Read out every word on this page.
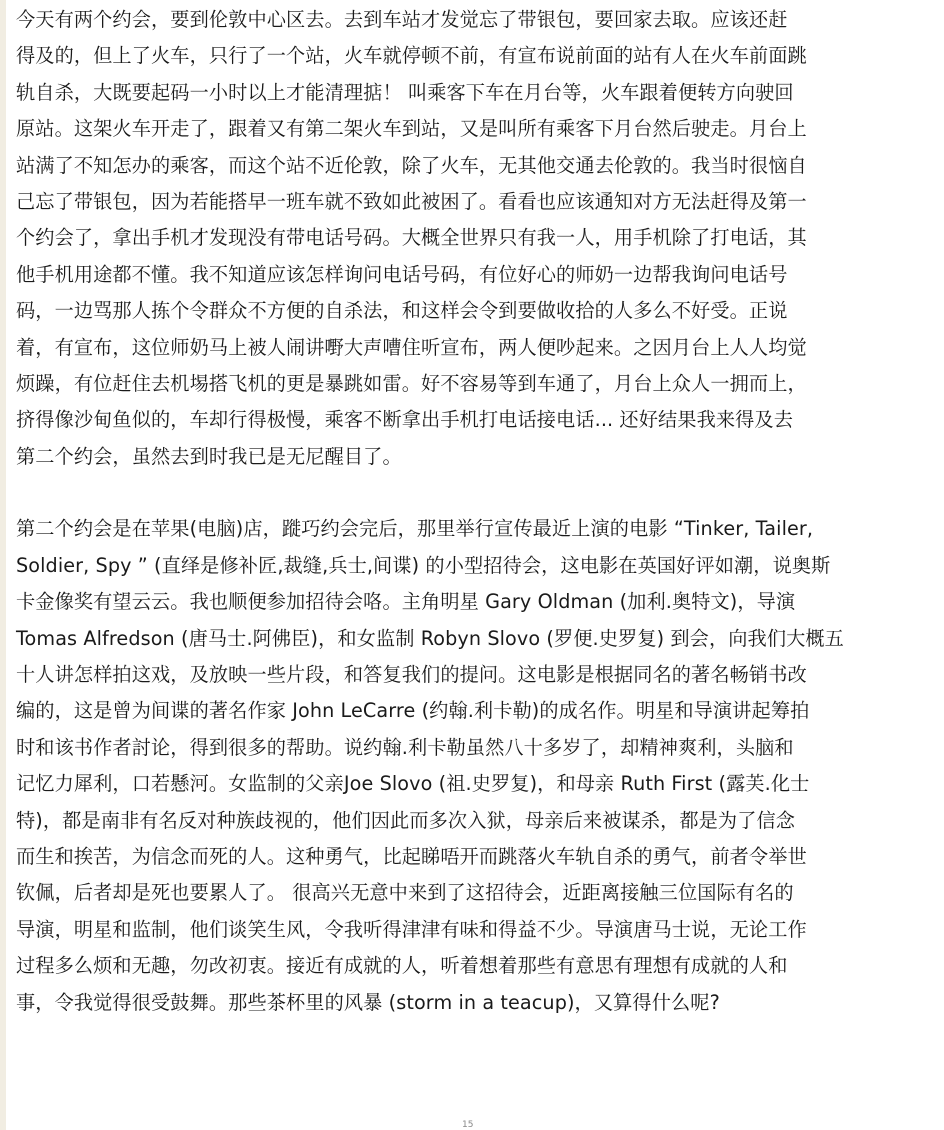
今天有两个约会，要到伦敦中心区去。去到车站才发觉忘了带银包，要回家去取。应该还赶
得及的，但上了火车，只行了一个站，火车就停顿不前，有宣布说前面的站有人在火车前面跳
轨自杀，大既要起码一小时以上才能清理掂！ 叫乘客下车在月台等，火车跟着便转方向驶回
原站。这架火车开走了，跟着又有第二架火车到站，又是叫所有乘客下月台然后驶走。月台上
站满了不知怎办的乘客，而这个站不近伦敦，除了火车，无其他交通去伦敦的。我当时很恼自
己忘了带银包，因为若能搭早一班车就不致如此被困了。看看也应该通知对方无法赶得及第一
个约会了，拿出手机才发现没有带电话号码。大概全世界只有我一人，用手机除了打电话，其
他手机用途都不懂。我不知道应该怎样询问电话号码，有位好心的师奶一边帮我询问电话号
码，一边骂那人拣个令群众不方便的自杀法，和这样会令到要做收拾的人多么不好受。正说
着，有宣布，这位师奶马上被人闹讲嘢大声嘈住听宣布，两人便吵起来。之因月台上人人均觉
烦躁，有位赶住去机埸搭飞机的更是暴跳如雷。好不容易等到车通了，月台上众人一拥而上，
挤得像沙甸鱼似的，车却行得极慢，乘客不断拿出手机打电话接电话... 还好结果我来得及去
第二个约会，虽然去到时我已是无尼醒目了。
第二个约会是在苹果(电脑)店，蹝巧约会完后，那里举行宣传最近上演的电影 “Tinker, Tailer,
Soldier, Spy ” (直绎是修补匠,裁缝,兵士,间谍) 的小型招待会，这电影在英国好评如潮，说奥斯
卡金像奖有望云云。我也顺便参加招待会咯。主角明星 Gary Oldman (加利.奥特文)，导演
Tomas Alfredson (唐马士.阿佛臣)，和女监制 Robyn Slovo (罗便.史罗复) 到会，向我们大概五
十人讲怎样拍这戏，及放映一些片段，和答复我们的提问。这电影是根据同名的著名畅销书改
编的，这是曾为间谍的著名作家 John LeCarre (约翰.利卡勒)的成名作。明星和导演讲起筹拍
时和该书作者討论，得到很多的帮助。说约翰.利卡勒虽然八十多岁了，却精神爽利，头脑和
记忆力犀利，口若懸河。女监制的父亲Joe Slovo (祖.史罗复)，和母亲 Ruth First (露芙.化士
特)，都是南非有名反对种族歧视的，他们因此而多次入狱，母亲后来被谋杀，都是为了信念
而生和挨苦，为信念而死的人。这种勇气，比起睇唔开而跳落火车轨自杀的勇气，前者令举世
钦佩，后者却是死也要累人了。 很高兴无意中来到了这招待会，近距离接触三位国际有名的
导演，明星和监制，他们谈笑生风，令我听得津津有味和得益不少。导演唐马士说，无论工作
过程多么烦和无趣，勿改初衷。接近有成就的人，听着想着那些有意思有理想有成就的人和
事，令我觉得很受鼓舞。那些茶杯里的风暴 (storm in a teacup)，又算得什么呢?
15
